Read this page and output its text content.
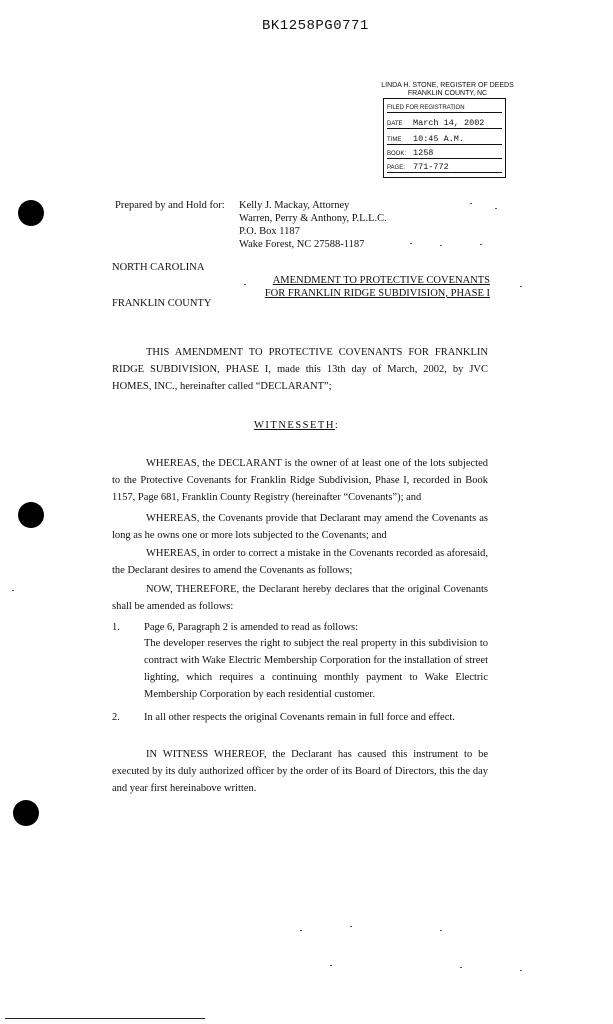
BK1258PG0771
LINDA H. STONE, REGISTER OF DEEDS
FRANKLIN COUNTY, NC
FILED FOR REGISTRATION
DATE March 14, 2002
TIME 10:45 A.M.
BOOK: 1258
PAGE: 771-772
Prepared by and Hold for: Kelly J. Mackay, Attorney
Warren, Perry & Anthony, P.L.L.C.
P.O. Box 1187
Wake Forest, NC 27588-1187
NORTH CAROLINA
FRANKLIN COUNTY
AMENDMENT TO PROTECTIVE COVENANTS
FOR FRANKLIN RIDGE SUBDIVISION, PHASE I
THIS AMENDMENT TO PROTECTIVE COVENANTS FOR FRANKLIN RIDGE SUBDIVISION, PHASE I, made this 13th day of March, 2002, by JVC HOMES, INC., hereinafter called “DECLARANT”;
WITNESSETH:
WHEREAS, the DECLARANT is the owner of at least one of the lots subjected to the Protective Covenants for Franklin Ridge Subdivision, Phase I, recorded in Book 1157, Page 681, Franklin County Registry (hereinafter “Covenants”); and
WHEREAS, the Covenants provide that Declarant may amend the Covenants as long as he owns one or more lots subjected to the Covenants; and
WHEREAS, in order to correct a mistake in the Covenants recorded as aforesaid, the Declarant desires to amend the Covenants as follows;
NOW, THEREFORE, the Declarant hereby declares that the original Covenants shall be amended as follows:
1. Page 6, Paragraph 2 is amended to read as follows:
The developer reserves the right to subject the real property in this subdivision to contract with Wake Electric Membership Corporation for the installation of street lighting, which requires a continuing monthly payment to Wake Electric Membership Corporation by each residential customer.
2. In all other respects the original Covenants remain in full force and effect.
IN WITNESS WHEREOF, the Declarant has caused this instrument to be executed by its duly authorized officer by the order of its Board of Directors, this the day and year first hereinabove written.
